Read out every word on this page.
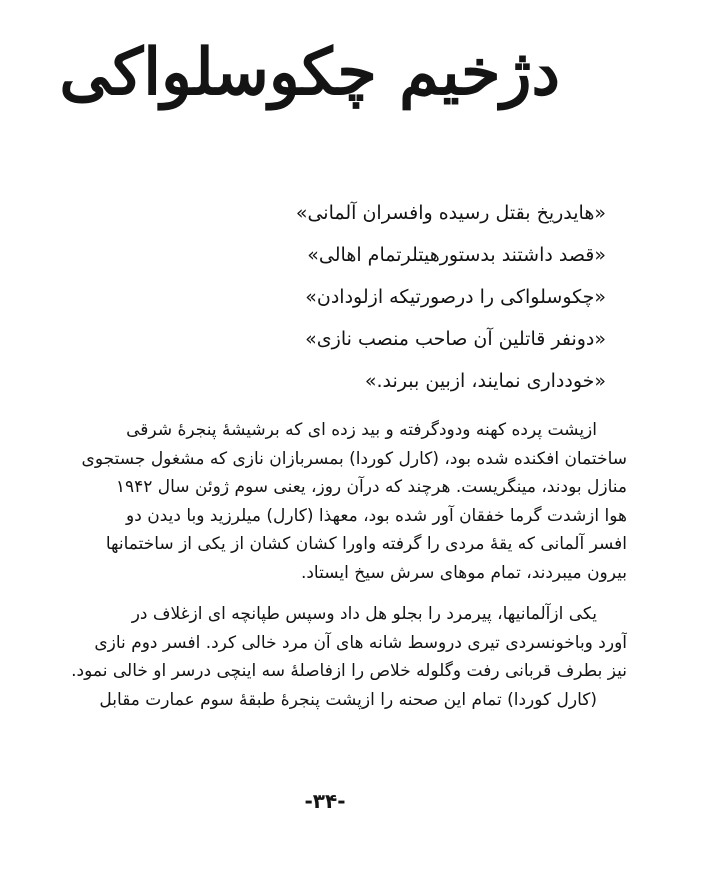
دژخیم چکوسلواکی
«هایدریخ بقتل رسیده وافسران آلمانی»
«قصد داشتند بدستورهیتلرتمام اهالی»
«چکوسلواکی را درصورتیکه ازلودادن»
«دونفر قاتلین آن صاحب منصب نازی»
«خودداری نمایند، ازبین ببرند.»
ازپشت پرده کهنه ودودگرفته و بید زده ای که برشیشهٔ پنجرهٔ شرقی
ساختمان افکنده شده بود، (کارل کوردا) بمسربازان نازی که مشغول جستجوی
منازل بودند، مینگریست. هرچند که درآن روز، یعنی سوم ژوئن سال ۱۹۴۲
هوا ازشدت گرما خفقان آور شده بود، معهذا (کارل) میلرزید وبا دیدن دو
افسر آلمانی که یقهٔ مردی را گرفته واورا کشان کشان از یکی از ساختمانها
بیرون میبردند، تمام موهای سرش سیخ ایستاد.
یکی ازآلمانیها، پیرمرد را بجلو هل داد وسپس طپانچه ای ازغلاف در
آورد وباخونسردی تیری دروسط شانه های آن مرد خالی کرد. افسر دوم نازی
نیز بطرف قربانی رفت وگلوله خلاص را ازفاصلهٔ سه اینچی درسر او خالی نمود.
(کارل کوردا) تمام این صحنه را ازپشت پنجرهٔ طبقهٔ سوم عمارت مقابل
-۳۴-
